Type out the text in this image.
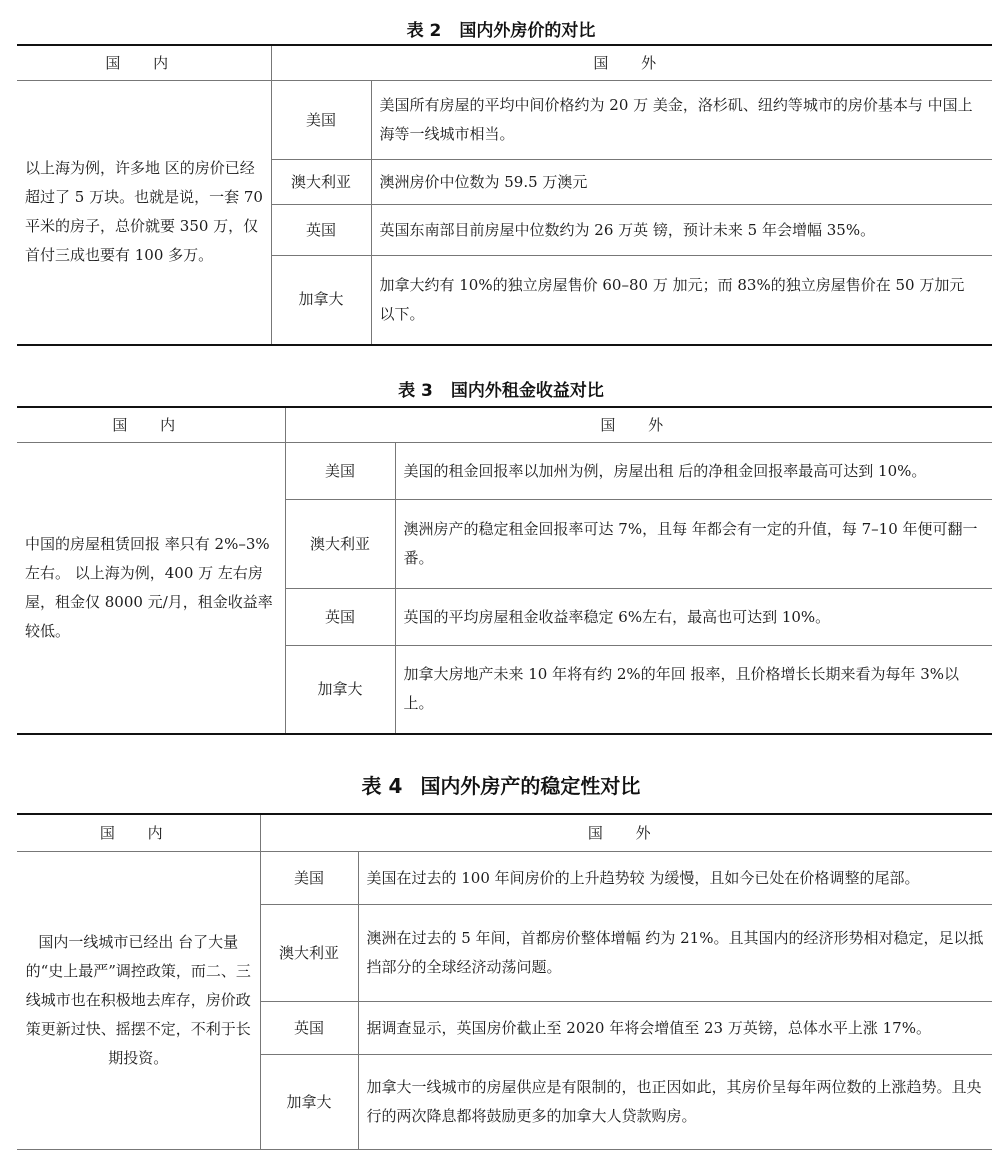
表 2 国内外房价的对比
国 内	国 外	
以上海为例，许多地 区的房价已经超过了 5 万块。也就是说，一套 70 平米的房子，总价就要 350 万，仅首付三成也要有 100 多万。	美国	美国所有房屋的平均中间价格约为 20 万 美金，洛杉矶、纽约等城市的房价基本与 中国上海等一线城市相当。
	澳大利亚	澳洲房价中位数为 59.5 万澳元
	英国	英国东南部目前房屋中位数约为 26 万英 镑，预计未来 5 年会增幅 35%。
	加拿大	加拿大约有 10%的独立房屋售价 60–80 万 加元；而 83%的独立房屋售价在 50 万加元 以下。
表 3 国内外租金收益对比
国 内	国 外	
中国的房屋租赁回报 率只有 2%–3%左右。 以上海为例，400 万 左右房屋，租金仅 8000 元/月，租金收益率较低。	美国	美国的租金回报率以加州为例，房屋出租 后的净租金回报率最高可达到 10%。
	澳大利亚	澳洲房产的稳定租金回报率可达 7%，且每 年都会有一定的升值，每 7–10 年便可翻一番。
	英国	英国的平均房屋租金收益率稳定 6%左右，最高也可达到 10%。
	加拿大	加拿大房地产未来 10 年将有约 2%的年回 报率，且价格增长长期来看为每年 3%以上。
表 4 国内外房产的稳定性对比
国 内	国 外	
国内一线城市已经出 台了大量的“史上最严”调控政策，而二、三线城市也在积极地去库存，房价政策更新过快、摇摆不定，不利于长期投资。	美国	美国在过去的 100 年间房价的上升趋势较 为缓慢，且如今已处在价格调整的尾部。
	澳大利亚	澳洲在过去的 5 年间，首都房价整体增幅 约为 21%。且其国内的经济形势相对稳定，足以抵挡部分的全球经济动荡问题。
	英国	据调查显示，英国房价截止至 2020 年将会增值至 23 万英镑，总体水平上涨 17%。
	加拿大	加拿大一线城市的房屋供应是有限制的，也正因如此，其房价呈每年两位数的上涨趋势。且央行的两次降息都将鼓励更多的加拿大人贷款购房。
